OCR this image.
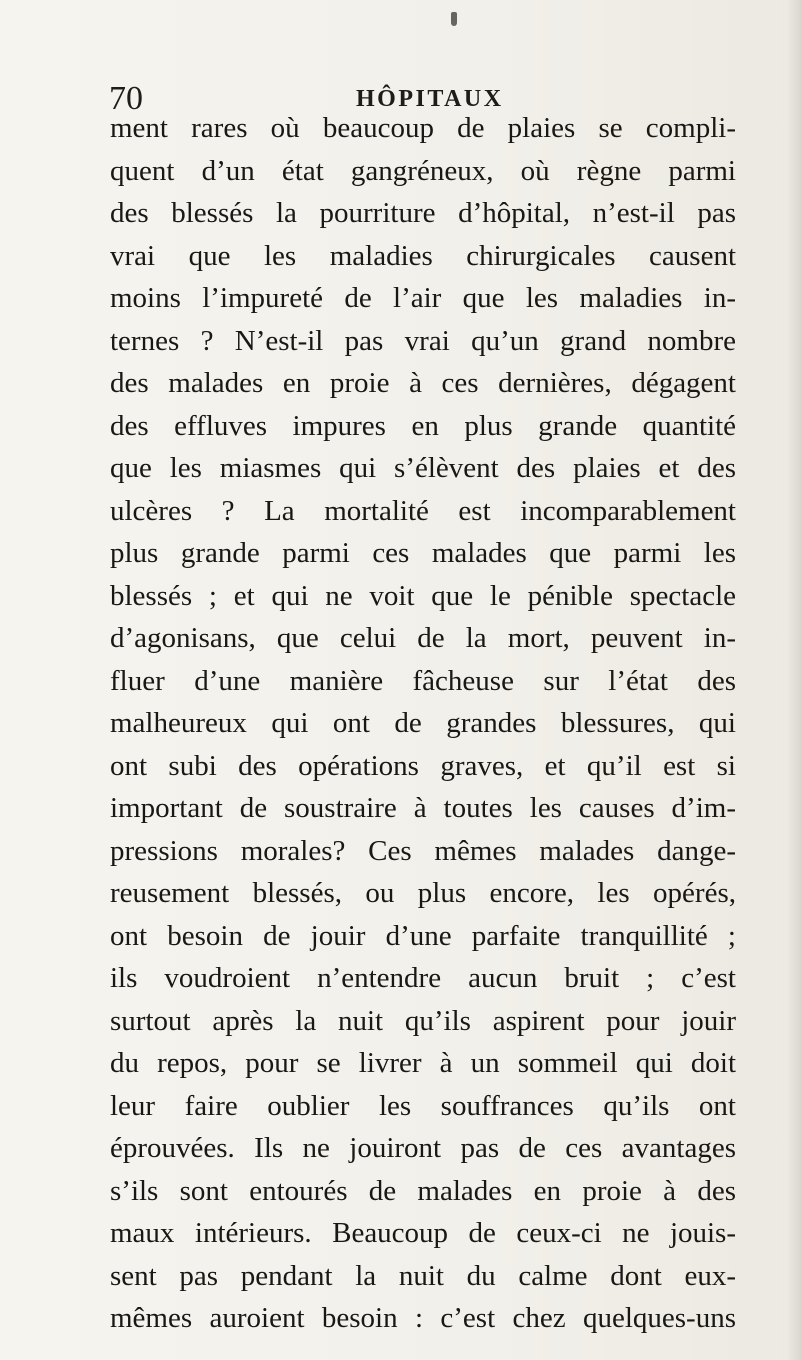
70	HÔPITAUX
ment rares où beaucoup de plaies se compli-
quent d’un état gangréneux, où règne parmi
des blessés la pourriture d’hôpital, n’est-il pas
vrai que les maladies chirurgicales causent
moins l’impureté de l’air que les maladies in-
ternes ? N’est-il pas vrai qu’un grand nombre
des malades en proie à ces dernières, dégagent
des effluves impures en plus grande quantité
que les miasmes qui s’élèvent des plaies et des
ulcères ? La mortalité est incomparablement
plus grande parmi ces malades que parmi les
blessés ; et qui ne voit que le pénible spectacle
d’agonisans, que celui de la mort, peuvent in-
fluer d’une manière fâcheuse sur l’état des
malheureux qui ont de grandes blessures, qui
ont subi des opérations graves, et qu’il est si
important de soustraire à toutes les causes d’im-
pressions morales? Ces mêmes malades dange-
reusement blessés, ou plus encore, les opérés,
ont besoin de jouir d’une parfaite tranquillité ;
ils voudroient n’entendre aucun bruit ; c’est
surtout après la nuit qu’ils aspirent pour jouir
du repos, pour se livrer à un sommeil qui doit
leur faire oublier les souffrances qu’ils ont
éprouvées. Ils ne jouiront pas de ces avantages
s’ils sont entourés de malades en proie à des
maux intérieurs. Beaucoup de ceux-ci ne jouis-
sent pas pendant la nuit du calme dont eux-
mêmes auroient besoin : c’est chez quelques-uns
